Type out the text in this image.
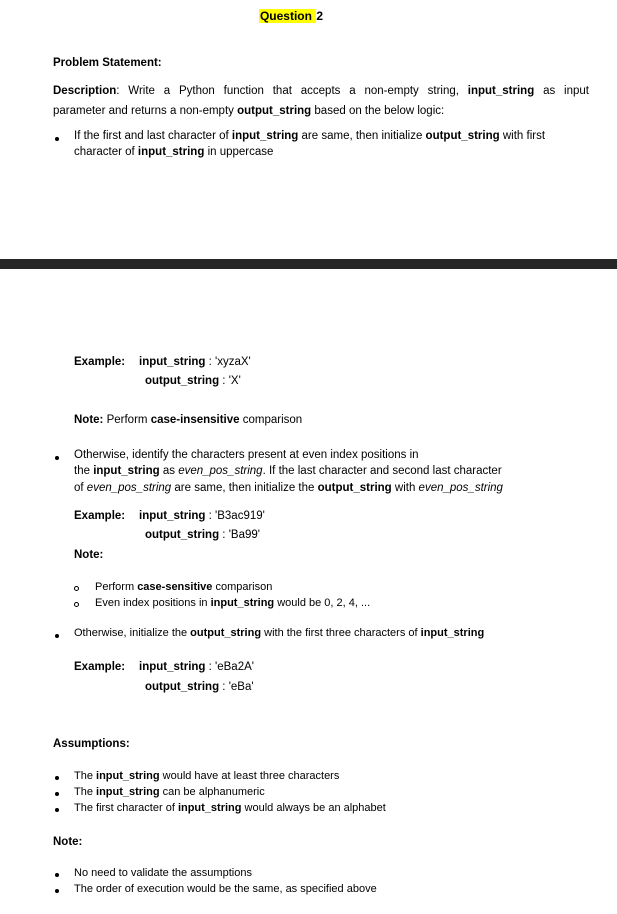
Question 2
Problem Statement:
Description: Write a Python function that accepts a non-empty string, input_string as input
parameter and returns a non-empty output_string based on the below logic:
If the first and last character of input_string are same, then initialize output_string with first
character of input_string in uppercase
Example: input_string : 'xyzaX'
output_string : 'X'
Note: Perform case-insensitive comparison
Otherwise, identify the characters present at even index positions in
the input_string as even_pos_string. If the last character and second last character
of even_pos_string are same, then initialize the output_string with even_pos_string
Example: input_string : 'B3ac919'
output_string : 'Ba99'
Note:
Perform case-sensitive comparison
Even index positions in input_string would be 0, 2, 4, ...
Otherwise, initialize the output_string with the first three characters of input_string
Example: input_string : 'eBa2A'
output_string : 'eBa'
Assumptions:
The input_string would have at least three characters
The input_string can be alphanumeric
The first character of input_string would always be an alphabet
Note:
No need to validate the assumptions
The order of execution would be the same, as specified above
